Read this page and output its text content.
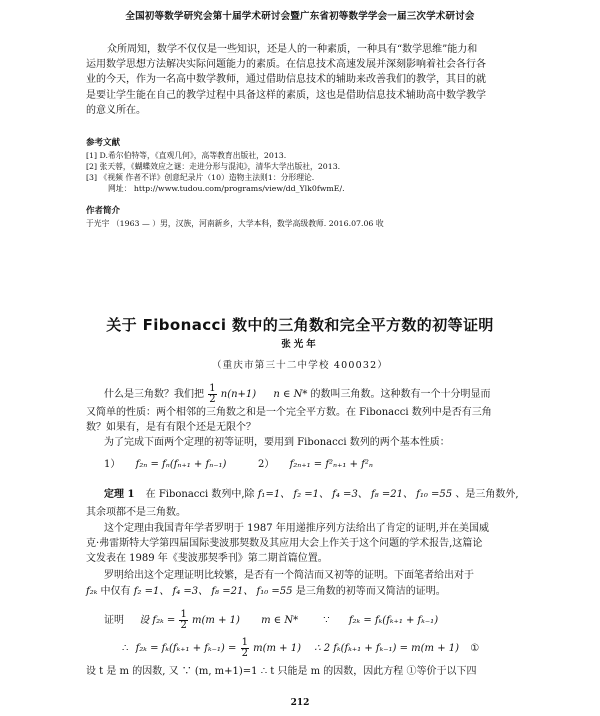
全国初等数学研究会第十届学术研讨会暨广东省初等数学学会一届三次学术研讨会
众所周知，数学不仅仅是一些知识，还是人的一种素质，一种具有“数学思维”能力和
运用数学思想方法解决实际问题能力的素质。在信息技术高速发展并深刻影响着社会各行各
业的今天，作为一名高中数学教师，通过借助信息技术的辅助来改善我们的教学，其目的就
是要让学生能在自己的教学过程中具备这样的素质，这也是借助信息技术辅助高中数学教学
的意义所在。
参考文献
[1] D.希尔伯特等，《直观几何》，高等教育出版社，2013.
[2] 张天蓉，《蝴蝶效应之谜：走进分形与混沌》，清华大学出版社，2013.
[3] 《视频 作者不详》创意纪录片（10）造物主法则1：分形理论.
网址： http://www.tudou.com/programs/view/dd_Ylk0fwmE/.
作者简介
于光宇 （1963 — ）男，汉族，河南新乡，大学本科，数学高级教师. 2016.07.06 收
关于 Fibonacci 数中的三角数和完全平方数的初等证明
张光年
（重庆市第三十二中学校 400032）
什么是三角数？我们把 $\frac{1}{2} n(n+1)$ n ∈ N* 的数叫三角数。这种数有一个十分明显而
又简单的性质：两个相邻的三角数之和是一个完全平方数。在 Fibonacci 数列中是否有三角
数？如果有，是有有限个还是无限个？
为了完成下面两个定理的初等证明，要用到 Fibonacci 数列的两个基本性质：
1） f₂ₙ = fₙ(fₙ₊₁ + fₙ₋₁)	2） f₂ₙ₊₁ = f²ₙ₊₁ + f²ₙ
定理 1 在 Fibonacci 数列中,除 f₁=1、 f₂ =1、 f₄ =3、 f₈ =21、 f₁₀ =55 、是三角数外,
其余项都不是三角数。
这个定理由我国青年学者罗明于 1987 年用递推序列方法给出了肯定的证明,并在美国威
克·弗雷斯特大学第四届国际斐波那契数及其应用大会上作关于这个问题的学术报告,这篇论
文发表在 1989 年《斐波那契季刊》第二期首篇位置。
罗明给出这个定理证明比较繁，是否有一个简洁而又初等的证明。下面笔者给出对于
f₂ₖ 中仅有 f₂ =1、 f₄ =3、 f₈ =21、 f₁₀ =55 是三角数的初等而又简洁的证明。
证明 设 $f_{2k} = \frac{1}{2} m(m + 1)$ m ∈ N*	∵ f₂ₖ = fₖ(fₖ₊₁ + fₖ₋₁)
∴ $f_{2k} = f_k(f_{k+1} + f_{k-1}) = \frac{1}{2} m(m + 1)$ ∴ 2 fₖ(fₖ₊₁ + fₖ₋₁) = m(m + 1) ①
设 t 是 m 的因数, 又 ∵ (m, m+1)=1 ∴ t 只能是 m 的因数，因此方程 ①等价于以下四
212
